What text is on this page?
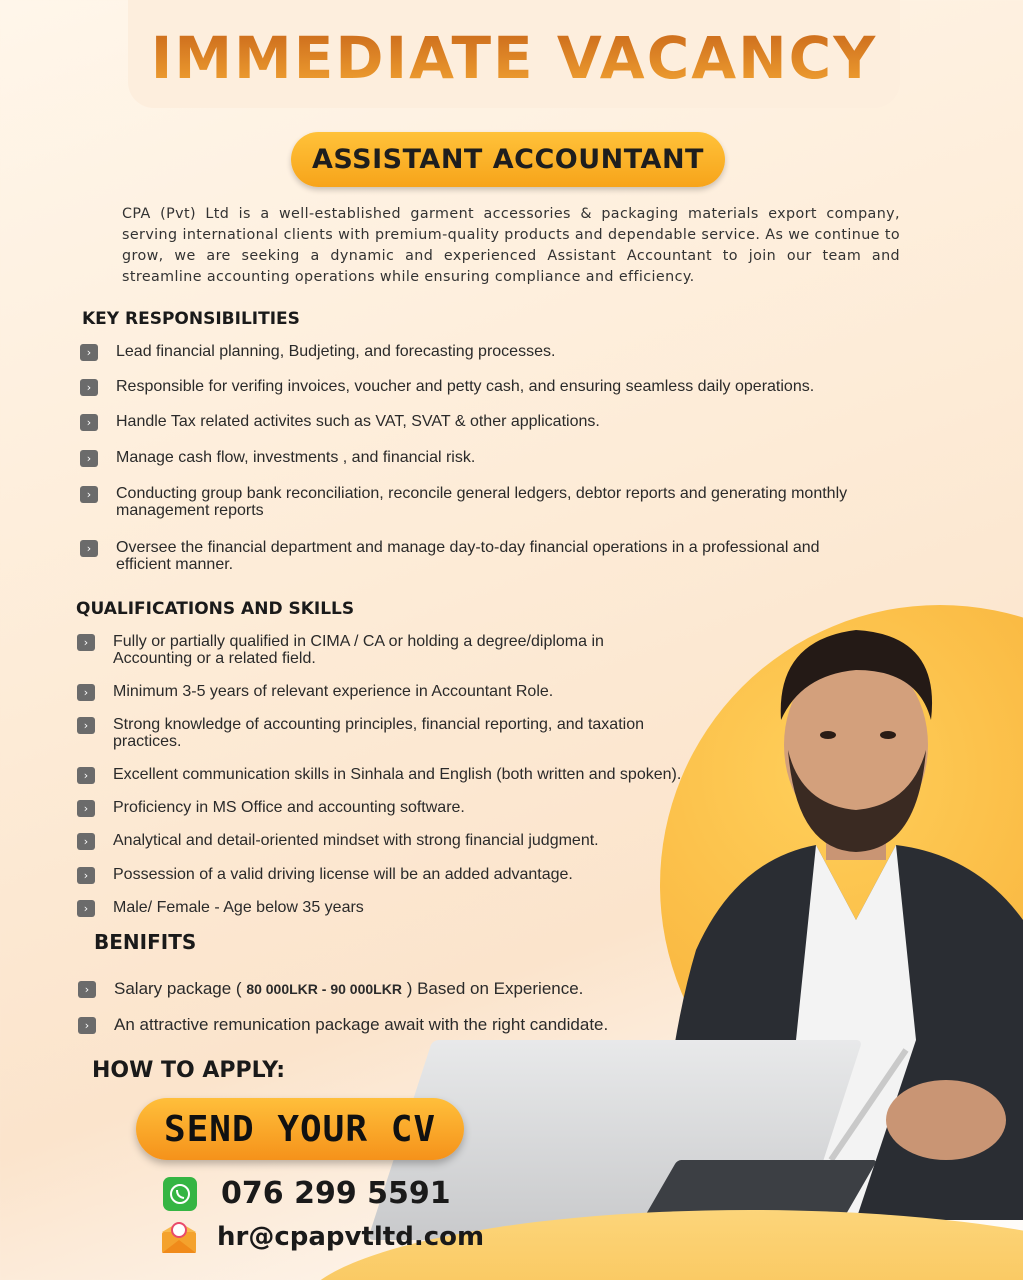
IMMEDIATE VACANCY
ASSISTANT ACCOUNTANT

CPA (Pvt) Ltd is a well-established garment accessories & packaging materials export company, serving international clients with premium-quality products and dependable service. As we continue to grow, we are seeking a dynamic and experienced Assistant Accountant to join our team and streamline accounting operations while ensuring compliance and efficiency.

KEY RESPONSIBILITIES
›	Lead financial planning, Budjeting, and forecasting processes.
›	Responsible for verifing invoices, voucher and petty cash, and ensuring seamless daily operations.
›	Handle Tax related activites such as VAT, SVAT & other applications.
›	Manage cash flow, investments , and financial risk.
›	Conducting group bank reconciliation, reconcile general ledgers, debtor reports and generating monthly management reports
›	Oversee the financial department and manage day-to-day financial operations in a professional and efficient manner.
QUALIFICATIONS AND SKILLS
›	Fully or partially qualified in CIMA / CA or holding a degree/diploma in Accounting or a related field.
›	Minimum 3-5 years of relevant experience in Accountant Role.
›	Strong knowledge of accounting principles, financial reporting, and taxation practices.
›	Excellent communication skills in Sinhala and English (both written and spoken).
›	Proficiency in MS Office and accounting software.
›	Analytical and detail-oriented mindset with strong financial judgment.
›	Possession of a valid driving license will be an added advantage.
›	Male/ Female - Age below 35 years
BENIFITS
›	Salary package ( 80 000LKR - 90 000LKR ) Based on Experience.
›	An attractive remunication package await with the right candidate.
HOW TO APPLY:
SEND YOUR CV
076 299 5591
hr@cpapvtltd.com
